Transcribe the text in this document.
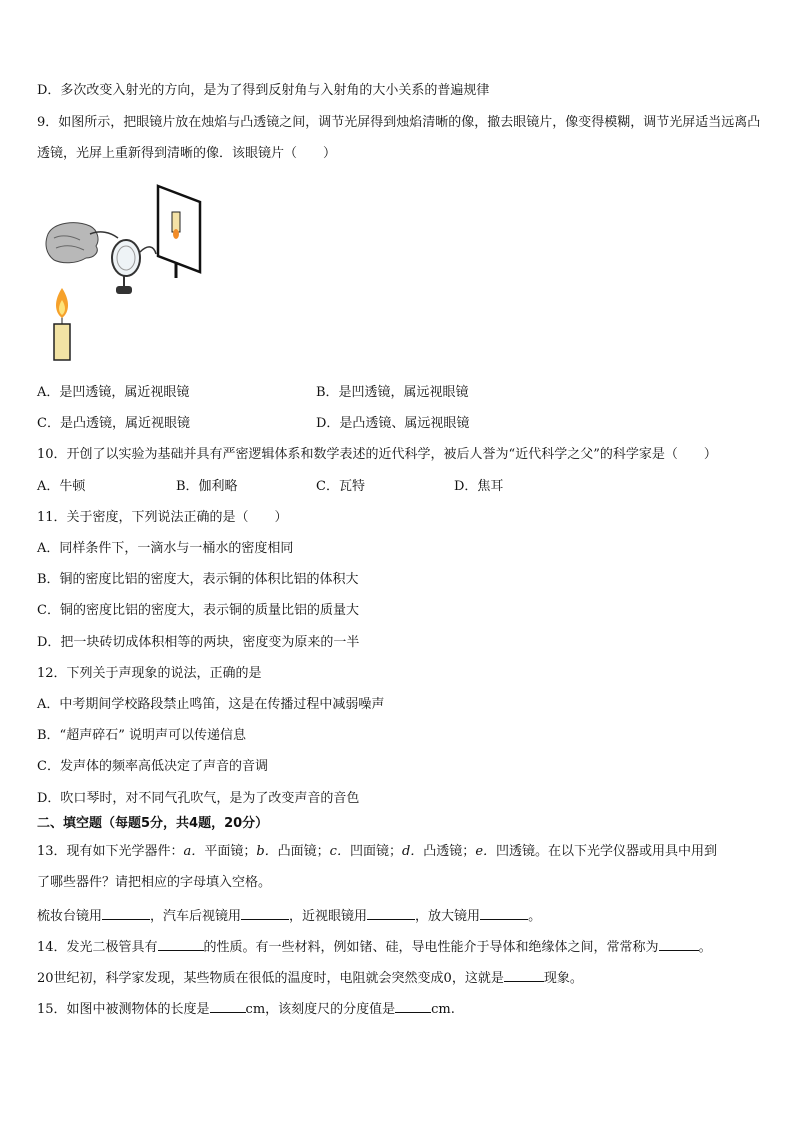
D．多次改变入射光的方向，是为了得到反射角与入射角的大小关系的普遍规律
9．如图所示，把眼镜片放在烛焰与凸透镜之间，调节光屏得到烛焰清晰的像，撤去眼镜片，像变得模糊，调节光屏适当远离凸
透镜，光屏上重新得到清晰的像．该眼镜片（　　）
A．是凹透镜，属近视眼镜	B．是凹透镜，属远视眼镜
C．是凸透镜，属近视眼镜	D．是凸透镜、属远视眼镜
10．开创了以实验为基础并具有严密逻辑体系和数学表述的近代科学，被后人誉为“近代科学之父”的科学家是（　　）
A．牛顿	B．伽利略	C．瓦特	D．焦耳
11．关于密度，下列说法正确的是（　　）
A．同样条件下，一滴水与一桶水的密度相同
B．铜的密度比铝的密度大，表示铜的体积比铝的体积大
C．铜的密度比铝的密度大，表示铜的质量比铝的质量大
D．把一块砖切成体积相等的两块，密度变为原来的一半
12．下列关于声现象的说法，正确的是
A．中考期间学校路段禁止鸣笛，这是在传播过程中减弱噪声
B．“超声碎石” 说明声可以传递信息
C．发声体的频率高低决定了声音的音调
D．吹口琴时，对不同气孔吹气，是为了改变声音的音色
二、填空题（每题5分，共4题，20分）
13．现有如下光学器件：a．平面镜；b．凸面镜；c．凹面镜；d．凸透镜；e．凹透镜。在以下光学仪器或用具中用到
了哪些器件？请把相应的字母填入空格。
梳妆台镜用	，汽车后视镜用	，近视眼镜用	，放大镜用	。
14．发光二极管具有	的性质。有一些材料，例如锗、硅，导电性能介于导体和绝缘体之间，常常称为	。
20世纪初，科学家发现，某些物质在很低的温度时，电阻就会突然变成0，这就是	现象。
15．如图中被测物体的长度是	cm，该刻度尺的分度值是	cm.
